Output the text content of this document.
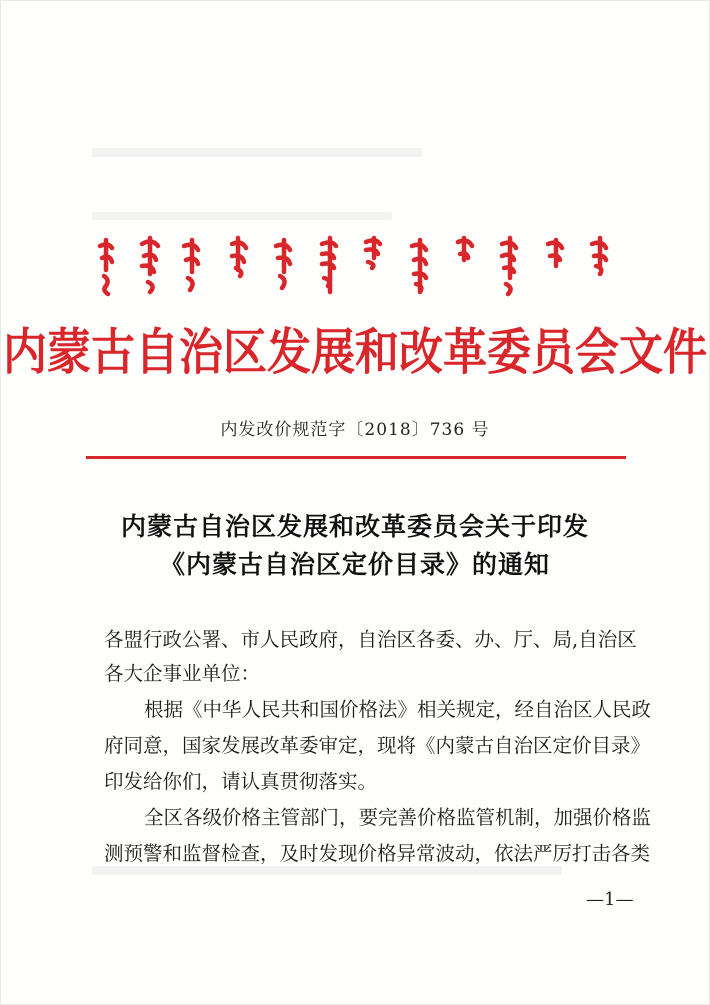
内蒙古自治区发展和改革委员会文件
内发改价规范字〔2018〕736 号
内蒙古自治区发展和改革委员会关于印发
《内蒙古自治区定价目录》的通知
各盟行政公署、市人民政府，自治区各委、办、厅、局,自治区
各大企事业单位：
根据《中华人民共和国价格法》相关规定，经自治区人民政
府同意，国家发展改革委审定，现将《内蒙古自治区定价目录》
印发给你们，请认真贯彻落实。
全区各级价格主管部门，要完善价格监管机制，加强价格监
测预警和监督检查，及时发现价格异常波动，依法严厉打击各类
—1—
